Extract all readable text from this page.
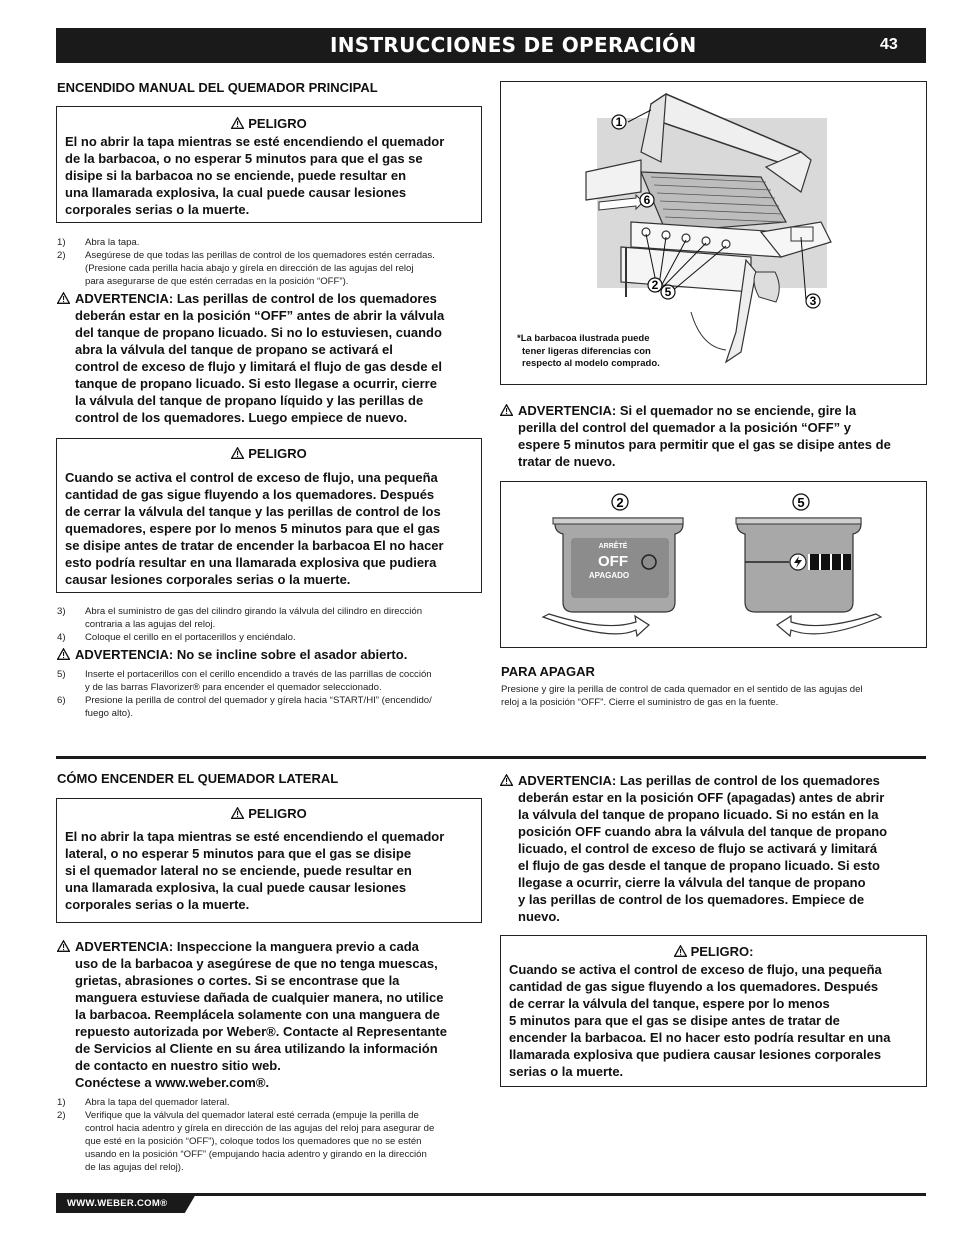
INSTRUCCIONES DE OPERACIÓN	43
ENCENDIDO MANUAL DEL QUEMADOR PRINCIPAL
PELIGRO
El no abrir la tapa mientras se esté encendiendo el quemador
de la barbacoa, o no esperar 5 minutos para que el gas se
disipe si la barbacoa no se enciende, puede resultar en
una llamarada explosiva, la cual puede causar lesiones
corporales serias o la muerte.
1)	Abra la tapa.
2)	Asegúrese de que todas las perillas de control de los quemadores estén cerradas.
(Presione cada perilla hacia abajo y gírela en dirección de las agujas del reloj
para asegurarse de que estén cerradas en la posición “OFF”).
ADVERTENCIA: Las perillas de control de los quemadores
deberán estar en la posición “OFF” antes de abrir la válvula
del tanque de propano licuado. Si no lo estuviesen, cuando
abra la válvula del tanque de propano se activará el
control de exceso de flujo y limitará el flujo de gas desde el
tanque de propano licuado. Si esto llegase a ocurrir, cierre
la válvula del tanque de propano líquido y las perillas de
control de los quemadores. Luego empiece de nuevo.
PELIGRO
Cuando se activa el control de exceso de flujo, una pequeña
cantidad de gas sigue fluyendo a los quemadores. Después
de cerrar la válvula del tanque y las perillas de control de los
quemadores, espere por lo menos 5 minutos para que el gas
se disipe antes de tratar de encender la barbacoa El no hacer
esto podría resultar en una llamarada explosiva que pudiera
causar lesiones corporales serias o la muerte.
3)	Abra el suministro de gas del cilindro girando la válvula del cilindro en dirección
contraria a las agujas del reloj.
4)	Coloque el cerillo en el portacerillos y enciéndalo.
ADVERTENCIA: No se incline sobre el asador abierto.
5)	Inserte el portacerillos con el cerillo encendido a través de las parrillas de cocción
y de las barras Flavorizer® para encender el quemador seleccionado.
6)	Presione la perilla de control del quemador y gírela hacia “START/HI” (encendido/
fuego alto).
1
6
2 5
3
*La barbacoa ilustrada puede
tener ligeras diferencias con
respecto al modelo comprado.
ADVERTENCIA: Si el quemador no se enciende, gire la
perilla del control del quemador a la posición “OFF” y
espere 5 minutos para permitir que el gas se disipe antes de
tratar de nuevo.
ARRÊTÉ
OFF
APAGADO
2	5
PARA APAGAR
Presione y gire la perilla de control de cada quemador en el sentido de las agujas del
reloj a la posición “OFF”. Cierre el suministro de gas en la fuente.
CÓMO ENCENDER EL QUEMADOR LATERAL
PELIGRO
El no abrir la tapa mientras se esté encendiendo el quemador
lateral, o no esperar 5 minutos para que el gas se disipe
si el quemador lateral no se enciende, puede resultar en
una llamarada explosiva, la cual puede causar lesiones
corporales serias o la muerte.
ADVERTENCIA: Inspeccione la manguera previo a cada
uso de la barbacoa y asegúrese de que no tenga muescas,
grietas, abrasiones o cortes. Si se encontrase que la
manguera estuviese dañada de cualquier manera, no utilice
la barbacoa. Reemplácela solamente con una manguera de
repuesto autorizada por Weber®. Contacte al Representante
de Servicios al Cliente en su área utilizando la información
de contacto en nuestro sitio web.
Conéctese a www.weber.com®.
1)	Abra la tapa del quemador lateral.
2)	Verifique que la válvula del quemador lateral esté cerrada (empuje la perilla de
control hacia adentro y gírela en dirección de las agujas del reloj para asegurar de
que esté en la posición “OFF”), coloque todos los quemadores que no se estén
usando en la posición “OFF” (empujando hacia adentro y girando en la dirección
de las agujas del reloj).
ADVERTENCIA: Las perillas de control de los quemadores
deberán estar en la posición OFF (apagadas) antes de abrir
la válvula del tanque de propano licuado. Si no están en la
posición OFF cuando abra la válvula del tanque de propano
licuado, el control de exceso de flujo se activará y limitará
el flujo de gas desde el tanque de propano licuado. Si esto
llegase a ocurrir, cierre la válvula del tanque de propano
y las perillas de control de los quemadores. Empiece de
nuevo.
PELIGRO:
Cuando se activa el control de exceso de flujo, una pequeña
cantidad de gas sigue fluyendo a los quemadores. Después
de cerrar la válvula del tanque, espere por lo menos
5 minutos para que el gas se disipe antes de tratar de
encender la barbacoa. El no hacer esto podría resultar en una
llamarada explosiva que pudiera causar lesiones corporales
serias o la muerte.
WWW.WEBER.COM®
